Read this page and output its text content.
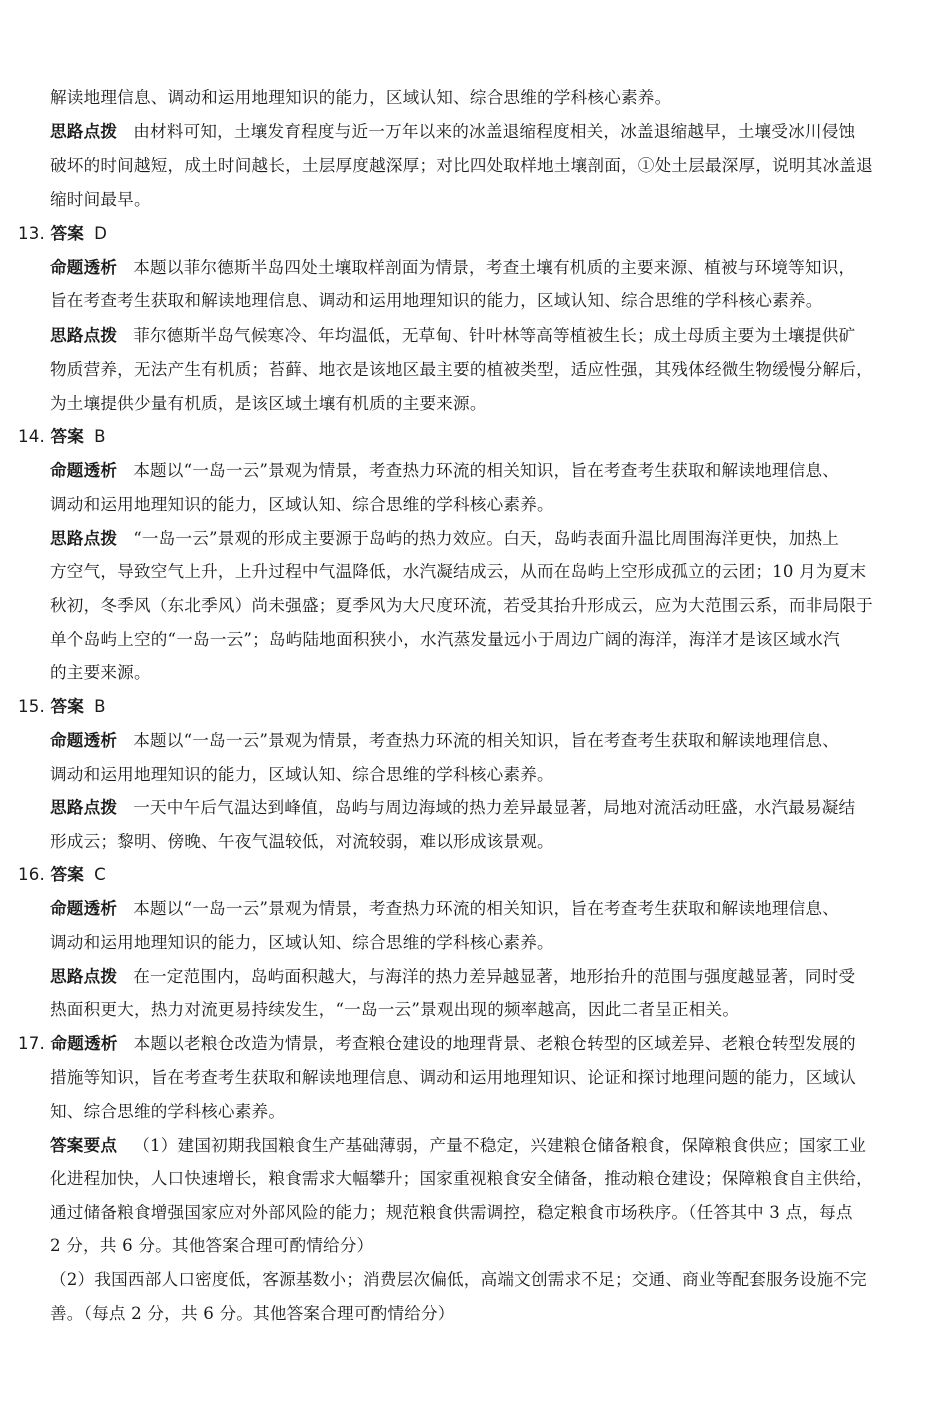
解读地理信息、调动和运用地理知识的能力，区域认知、综合思维的学科核心素养。
思路点拨 由材料可知，土壤发育程度与近一万年以来的冰盖退缩程度相关，冰盖退缩越早，土壤受冰川侵蚀
破坏的时间越短，成土时间越长，土层厚度越深厚；对比四处取样地土壤剖面，①处土层最深厚，说明其冰盖退
缩时间最早。
13. 答案 D
命题透析 本题以菲尔德斯半岛四处土壤取样剖面为情景，考查土壤有机质的主要来源、植被与环境等知识，
旨在考查考生获取和解读地理信息、调动和运用地理知识的能力，区域认知、综合思维的学科核心素养。
思路点拨 菲尔德斯半岛气候寒冷、年均温低，无草甸、针叶林等高等植被生长；成土母质主要为土壤提供矿
物质营养，无法产生有机质；苔藓、地衣是该地区最主要的植被类型，适应性强，其残体经微生物缓慢分解后，
为土壤提供少量有机质，是该区域土壤有机质的主要来源。
14. 答案 B
命题透析 本题以“一岛一云”景观为情景，考查热力环流的相关知识，旨在考查考生获取和解读地理信息、
调动和运用地理知识的能力，区域认知、综合思维的学科核心素养。
思路点拨 “一岛一云”景观的形成主要源于岛屿的热力效应。白天，岛屿表面升温比周围海洋更快，加热上
方空气，导致空气上升，上升过程中气温降低，水汽凝结成云，从而在岛屿上空形成孤立的云团；10 月为夏末
秋初，冬季风（东北季风）尚未强盛；夏季风为大尺度环流，若受其抬升形成云，应为大范围云系，而非局限于
单个岛屿上空的“一岛一云”；岛屿陆地面积狭小，水汽蒸发量远小于周边广阔的海洋，海洋才是该区域水汽
的主要来源。
15. 答案 B
命题透析 本题以“一岛一云”景观为情景，考查热力环流的相关知识，旨在考查考生获取和解读地理信息、
调动和运用地理知识的能力，区域认知、综合思维的学科核心素养。
思路点拨 一天中午后气温达到峰值，岛屿与周边海域的热力差异最显著，局地对流活动旺盛，水汽最易凝结
形成云；黎明、傍晚、午夜气温较低，对流较弱，难以形成该景观。
16. 答案 C
命题透析 本题以“一岛一云”景观为情景，考查热力环流的相关知识，旨在考查考生获取和解读地理信息、
调动和运用地理知识的能力，区域认知、综合思维的学科核心素养。
思路点拨 在一定范围内，岛屿面积越大，与海洋的热力差异越显著，地形抬升的范围与强度越显著，同时受
热面积更大，热力对流更易持续发生，“一岛一云”景观出现的频率越高，因此二者呈正相关。
17. 命题透析 本题以老粮仓改造为情景，考查粮仓建设的地理背景、老粮仓转型的区域差异、老粮仓转型发展的
措施等知识，旨在考查考生获取和解读地理信息、调动和运用地理知识、论证和探讨地理问题的能力，区域认
知、综合思维的学科核心素养。
答案要点 （1）建国初期我国粮食生产基础薄弱，产量不稳定，兴建粮仓储备粮食，保障粮食供应；国家工业
化进程加快，人口快速增长，粮食需求大幅攀升；国家重视粮食安全储备，推动粮仓建设；保障粮食自主供给，
通过储备粮食增强国家应对外部风险的能力；规范粮食供需调控，稳定粮食市场秩序。（任答其中 3 点，每点
2 分，共 6 分。其他答案合理可酌情给分）
（2）我国西部人口密度低，客源基数小；消费层次偏低，高端文创需求不足；交通、商业等配套服务设施不完
善。（每点 2 分，共 6 分。其他答案合理可酌情给分）
